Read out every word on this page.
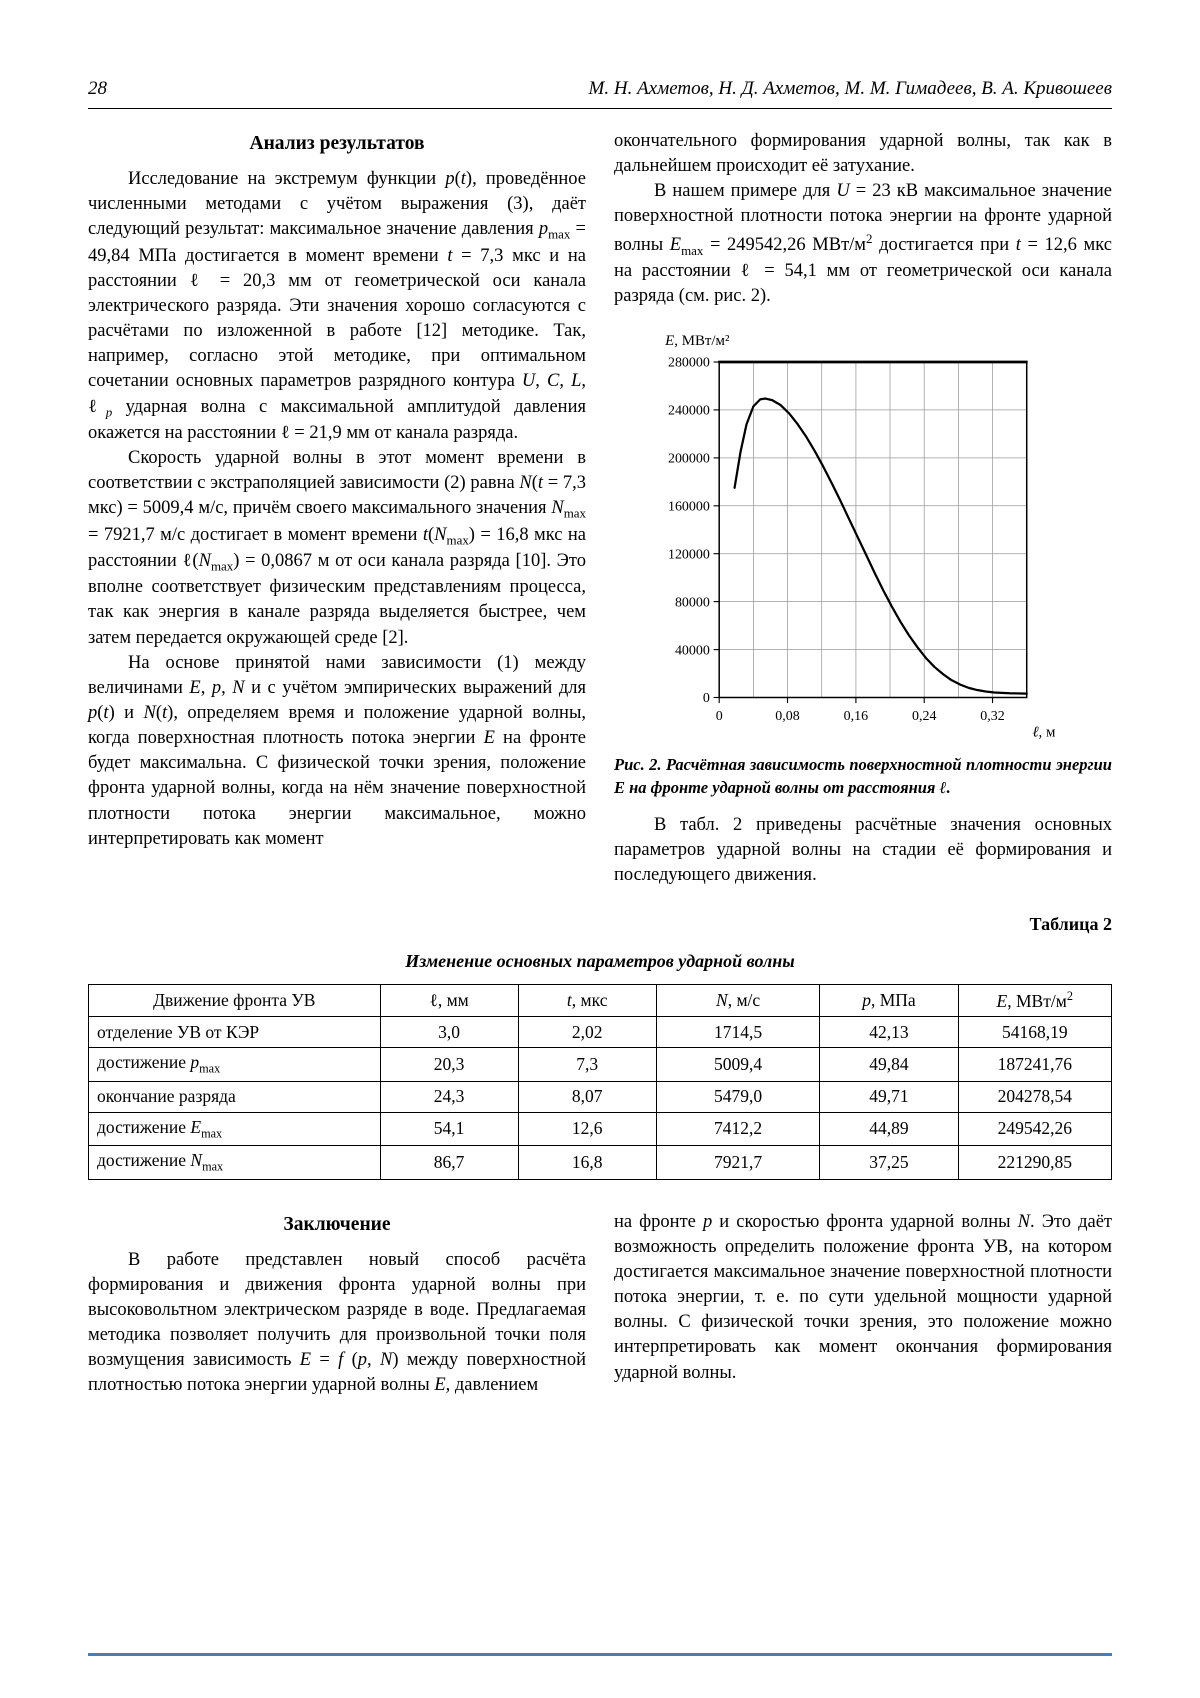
28	М. Н. Ахметов, Н. Д. Ахметов, М. М. Гимадеев, В. А. Кривошеев
Анализ результатов

Исследование на экстремум функции p(t), проведённое численными методами с учётом выражения (3), даёт следующий результат: максимальное значение давления $p_{max} = 49,84$ МПа достигается в момент времени t = 7,3 мкс и на расстоянии ℓ = 20,3 мм от геометрической оси канала электрического разряда. Эти значения хорошо согласуются с расчётами по изложенной в работе [12] методике. Так, например, согласно этой методике, при оптимальном сочетании основных параметров разрядного контура U, C, L, ℓ$_p$ ударная волна с максимальной амплитудой давления окажется на расстоянии ℓ = 21,9 мм от канала разряда.

Скорость ударной волны в этот момент времени в соответствии с экстраполяцией зависимости (2) равна N(t = 7,3 мкс) = 5009,4 м/с, причём своего максимального значения $N_{max} = 7921,7$ м/с достигает в момент времени $t(N_{max}) = 16,8$ мкс на расстоянии $\ell(N_{max}) = 0,0867$ м от оси канала разряда [10]. Это вполне соответствует физическим представлениям процесса, так как энергия в канале разряда выделяется быстрее, чем затем передается окружающей среде [2].

На основе принятой нами зависимости (1) между величинами E, p, N и с учётом эмпирических выражений для p(t) и N(t), определяем время и положение ударной волны, когда поверхностная плотность потока энергии E на фронте будет максимальна. С физической точки зрения, положение фронта ударной волны, когда на нём значение поверхностной плотности потока энергии максимальное, можно интерпретировать как момент

окончательного формирования ударной волны, так как в дальнейшем происходит её затухание.

В нашем примере для U = 23 кВ максимальное значение поверхностной плотности потока энергии на фронте ударной волны $E_{max} = 249542,26$ МВт/$м^2$ достигается при t = 12,6 мкс на расстоянии ℓ = 54,1 мм от геометрической оси канала разряда (см. рис. 2).

0
40000
80000
120000
160000
200000
240000
280000
0	0,08	0,16	0,24	0,32
E, МВт/м²
ℓ, м
Рис. 2. Расчётная зависимость поверхностной плотности энергии E на фронте ударной волны от расстояния ℓ.

В табл. 2 приведены расчётные значения основных параметров ударной волны на стадии её формирования и последующего движения.

Таблица 2
Изменение основных параметров ударной волны
Движение фронта УВ	ℓ, мм	t, мкс	N, м/с	p, МПа	E, МВт/$м^2$
отделение УВ от КЭР	3,0	2,02	1714,5	42,13	54168,19
достижение $p_{max}$	20,3	7,3	5009,4	49,84	187241,76
окончание разряда	24,3	8,07	5479,0	49,71	204278,54
достижение $E_{max}$	54,1	12,6	7412,2	44,89	249542,26
достижение $N_{max}$	86,7	16,8	7921,7	37,25	221290,85
Заключение

В работе представлен новый способ расчёта формирования и движения фронта ударной волны при высоковольтном электрическом разряде в воде. Предлагаемая методика позволяет получить для произвольной точки поля возмущения зависимость E = f (p, N) между поверхностной плотностью потока энергии ударной волны E, давлением

на фронте p и скоростью фронта ударной волны N. Это даёт возможность определить положение фронта УВ, на котором достигается максимальное значение поверхностной плотности потока энергии, т. е. по сути удельной мощности ударной волны. С физической точки зрения, это положение можно интерпретировать как момент окончания формирования ударной волны.
